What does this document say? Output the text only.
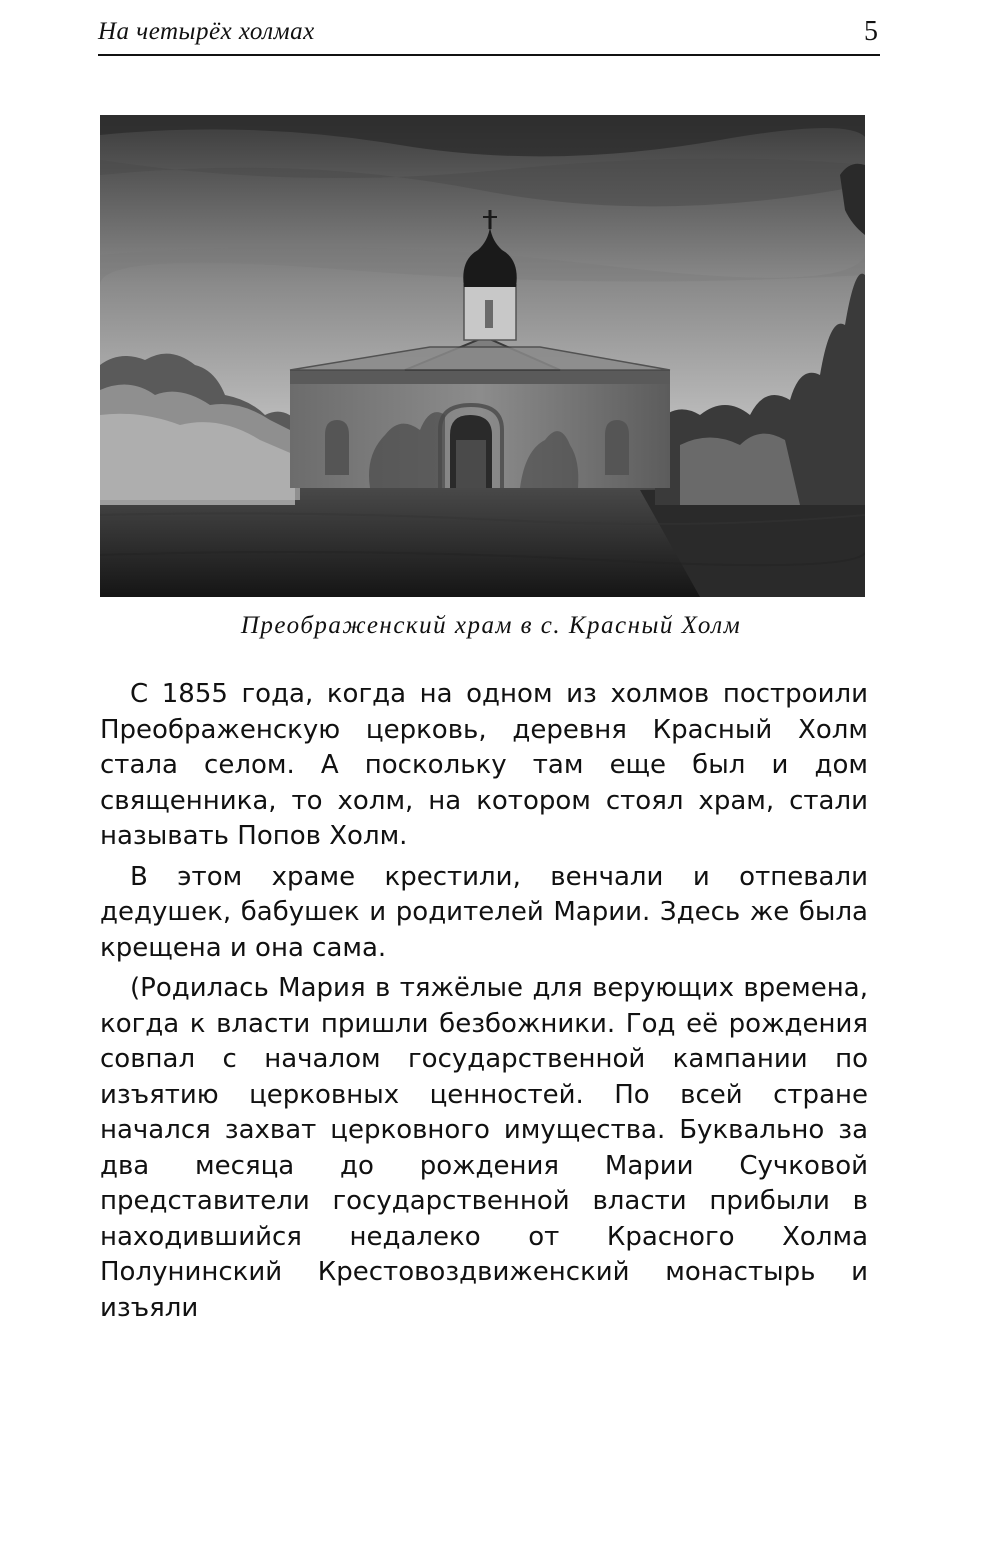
На четырёх холмах	5
Преображенский храм в с. Красный Холм

С 1855 года, когда на одном из холмов построили Преображенскую церковь, деревня Красный Холм стала селом. А поскольку там еще был и дом священника, то холм, на котором стоял храм, стали называть Попов Холм.

В этом храме крестили, венчали и отпевали дедушек, бабушек и родителей Марии. Здесь же была крещена и она сама.

(Родилась Мария в тяжёлые для верующих времена, когда к власти пришли безбожники. Год её рождения совпал с началом государственной кампании по изъятию церковных ценностей. По всей стране начался захват церковного имущества. Буквально за два месяца до рождения Марии Сучковой представители государственной власти прибыли в находившийся недалеко от Красного Холма Полунинский Крестовоздвиженский монастырь и изъяли
